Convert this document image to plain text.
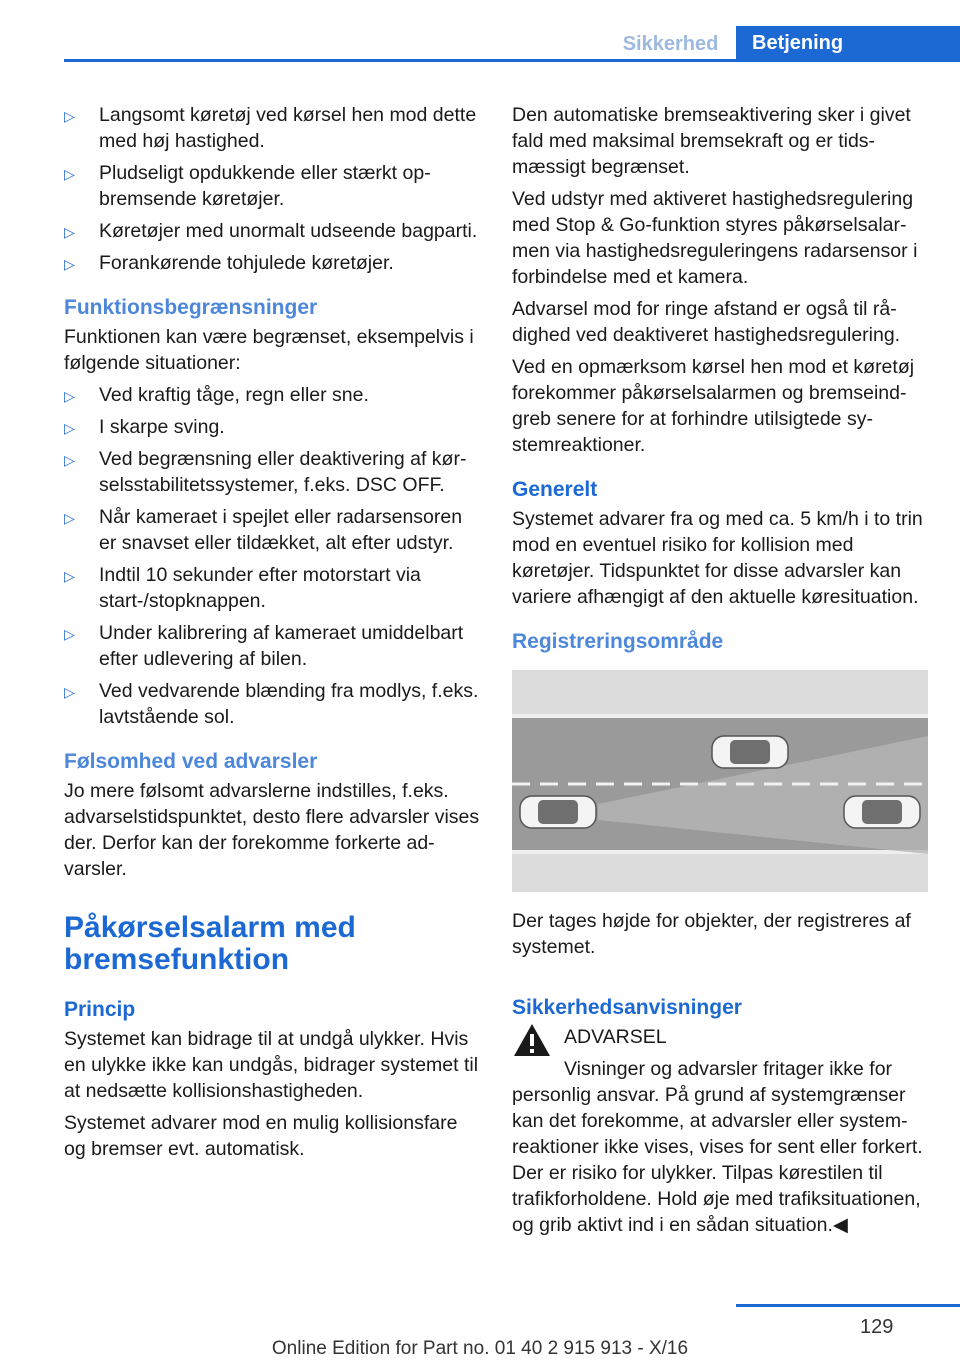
Sikkerhed	Betjening
▷ Langsomt køretøj ved kørsel hen mod dette med høj hastighed.
▷ Pludseligt opdukkende eller stærkt opbremsende køretøjer.
▷ Køretøjer med unormalt udseende bagparti.
▷ Forankørende tohjulede køretøjer.
Funktionsbegrænsninger

Funktionen kan være begrænset, eksempelvis i følgende situationer:

▷ Ved kraftig tåge, regn eller sne.
▷ I skarpe sving.
▷ Ved begrænsning eller deaktivering af kørselsstabilitetssystemer, f.eks. DSC OFF.
▷ Når kameraet i spejlet eller radarsensoren er snavset eller tildækket, alt efter udstyr.
▷ Indtil 10 sekunder efter motorstart via start-/stopknappen.
▷ Under kalibrering af kameraet umiddelbart efter udlevering af bilen.
▷ Ved vedvarende blænding fra modlys, f.eks. lavtstående sol.
Følsomhed ved advarsler

Jo mere følsomt advarslerne indstilles, f.eks. advarselstidspunktet, desto flere advarsler vises der. Derfor kan der forekomme forkerte advarsler.

Påkørselsalarm med bremsefunktion
Princip

Systemet kan bidrage til at undgå ulykker. Hvis en ulykke ikke kan undgås, bidrager systemet til at nedsætte kollisionshastigheden.

Systemet advarer mod en mulig kollisionsfare og bremser evt. automatisk.

Den automatiske bremseaktivering sker i givet fald med maksimal bremsekraft og er tidsmæssigt begrænset.

Ved udstyr med aktiveret hastighedsregulering med Stop & Go-funktion styres påkørselsalarmen via hastighedsreguleringens radarsensor i forbindelse med et kamera.

Advarsel mod for ringe afstand er også til rådighed ved deaktiveret hastighedsregulering.

Ved en opmærksom kørsel hen mod et køretøj forekommer påkørselsalarmen og bremseindgreb senere for at forhindre utilsigtede systemreaktioner.

Generelt

Systemet advarer fra og med ca. 5 km/h i to trin mod en eventuel risiko for kollision med køretøjer. Tidspunktet for disse advarsler kan variere afhængigt af den aktuelle køresituation.

Registreringsområde

Der tages højde for objekter, der registreres af systemet.

Sikkerhedsanvisninger

ADVARSEL

Visninger og advarsler fritager ikke for personlig ansvar. På grund af systemgrænser kan det forekomme, at advarsler eller systemreaktioner ikke vises, vises for sent eller forkert. Der er risiko for ulykker. Tilpas kørestilen til trafikforholdene. Hold øje med trafiksituationen, og grib aktivt ind i en sådan situation.◀

129
Online Edition for Part no. 01 40 2 915 913 - X/16
